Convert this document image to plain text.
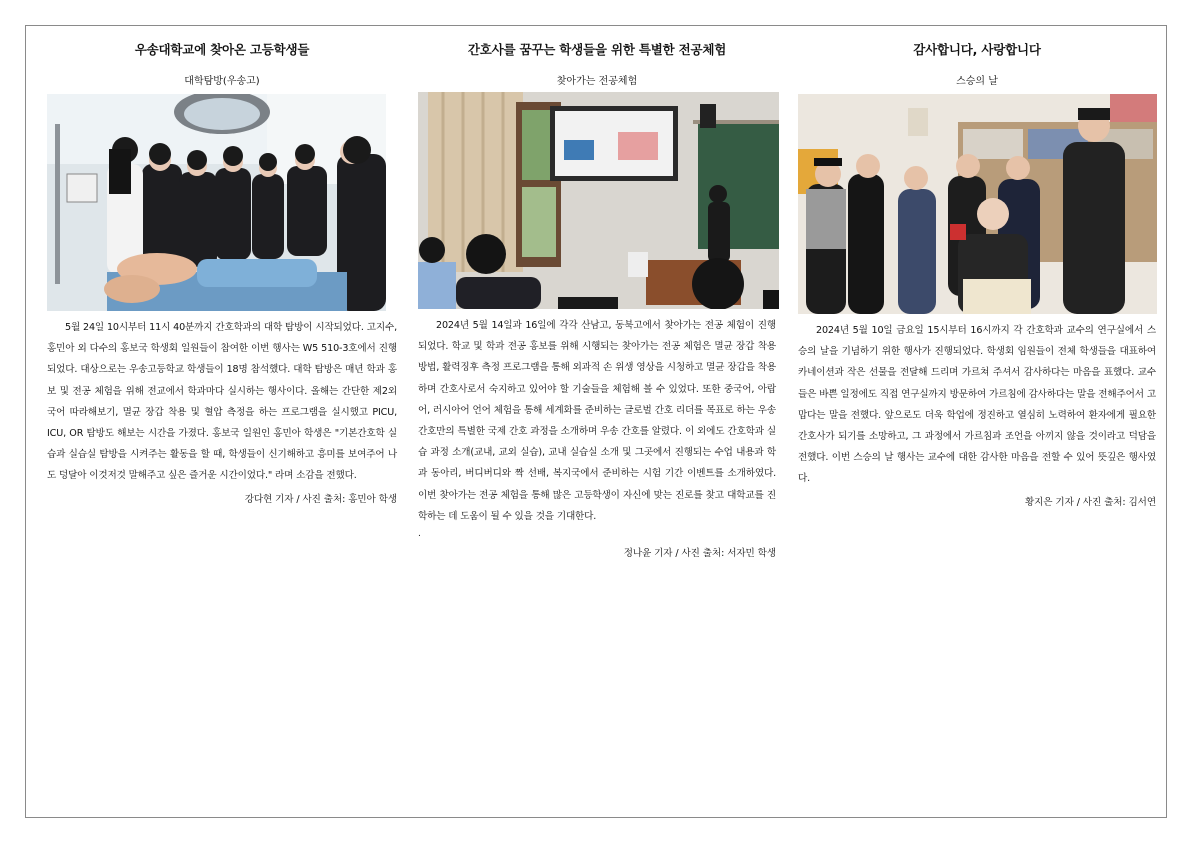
우송대학교에 찾아온 고등학생들
대학탐방(우송고)

5월 24일 10시부터 11시 40분까지 간호학과의 대학 탐방이 시작되었다. 고지수, 홍민아 외 다수의 홍보국 학생회 일원들이 참여한 이번 행사는 W5 510-3호에서 진행되었다. 대상으로는 우송고등학교 학생들이 18명 참석했다. 대학 탐방은 매년 학과 홍보 및 전공 체험을 위해 전교에서 학과마다 실시하는 행사이다. 올해는 간단한 제2외국어 따라해보기, 멸균 장갑 착용 및 혈압 측정을 하는 프로그램을 실시했고 PICU, ICU, OR 탐방도 해보는 시간을 가졌다. 홍보국 일원인 홍민아 학생은 "기본간호학 실습과 실습실 탐방을 시켜주는 활동을 할 때, 학생들이 신기해하고 흥미를 보여주어 나도 덩달아 이것저것 말해주고 싶은 즐거운 시간이었다." 라며 소감을 전했다.

강다현 기자 / 사진 출처: 홍민아 학생
간호사를 꿈꾸는 학생들을 위한 특별한 전공체험
찾아가는 전공체험

2024년 5월 14일과 16일에 각각 산남고, 동북고에서 찾아가는 전공 체험이 진행되었다. 학교 및 학과 전공 홍보를 위해 시행되는 찾아가는 전공 체험은 멸균 장갑 착용 방법, 활력징후 측정 프로그램을 통해 외과적 손 위생 영상을 시청하고 멸균 장갑을 착용하며 간호사로서 숙지하고 있어야 할 기술들을 체험해 볼 수 있었다. 또한 중국어, 아랍어, 러시아어 언어 체험을 통해 세계화를 준비하는 글로벌 간호 리더를 목표로 하는 우송 간호만의 특별한 국제 간호 과정을 소개하며 우송 간호를 알렸다. 이 외에도 간호학과 실습 과정 소개(교내, 교외 실습), 교내 실습실 소개 및 그곳에서 진행되는 수업 내용과 학과 동아리, 버디버디와 짝 선배, 복지국에서 준비하는 시험 기간 이벤트를 소개하였다. 이번 찾아가는 전공 체험을 통해 많은 고등학생이 자신에 맞는 진로를 찾고 대학교를 진학하는 데 도움이 될 수 있을 것을 기대한다.

.
정나윤 기자 / 사진 출처: 서자민 학생
감사합니다, 사랑합니다
스승의 날

2024년 5월 10일 금요일 15시부터 16시까지 각 간호학과 교수의 연구실에서 스승의 날을 기념하기 위한 행사가 진행되었다. 학생회 임원들이 전체 학생들을 대표하여 카네이션과 작은 선물을 전달해 드리며 가르쳐 주셔서 감사하다는 마음을 표했다. 교수들은 바쁜 일정에도 직접 연구실까지 방문하여 가르침에 감사하다는 말을 전해주어서 고맙다는 말을 전했다. 앞으로도 더욱 학업에 정진하고 열심히 노력하여 환자에게 필요한 간호사가 되기를 소망하고, 그 과정에서 가르침과 조언을 아끼지 않을 것이라고 덕담을 전했다. 이번 스승의 날 행사는 교수에 대한 감사한 마음을 전할 수 있어 뜻깊은 행사였다.

황지은 기자 / 사진 출처: 김서연
